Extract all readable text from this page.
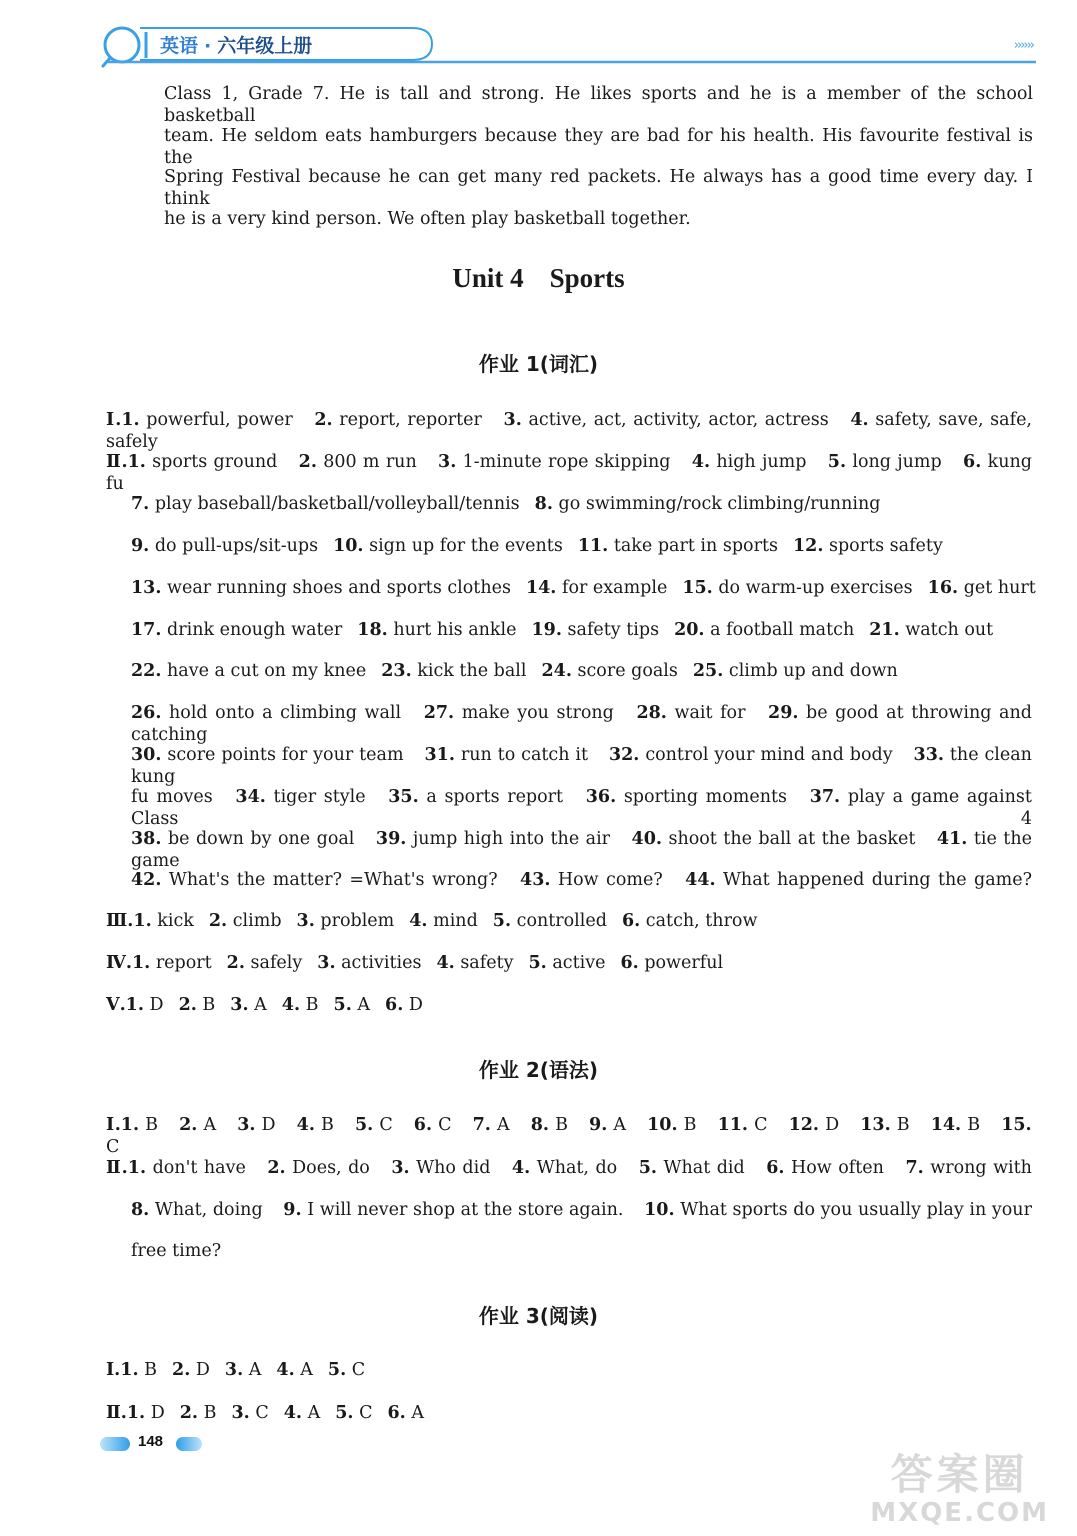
英语 · 六年级上册	››››››
Class 1, Grade 7. He is tall and strong. He likes sports and he is a member of the school basketball
team. He seldom eats hamburgers because they are bad for his health. His favourite festival is the
Spring Festival because he can get many red packets. He always has a good time every day. I think
he is a very kind person. We often play basketball together.
Unit 4 Sports
作业 1(词汇)
Ⅰ.1. powerful, power 2. report, reporter 3. active, act, activity, actor, actress 4. safety, save, safe, safely
Ⅱ.1. sports ground 2. 800 m run 3. 1-minute rope skipping 4. high jump 5. long jump 6. kung fu
7. play baseball/basketball/volleyball/tennis 8. go swimming/rock climbing/running
9. do pull-ups/sit-ups 10. sign up for the events 11. take part in sports 12. sports safety
13. wear running shoes and sports clothes 14. for example 15. do warm-up exercises 16. get hurt
17. drink enough water 18. hurt his ankle 19. safety tips 20. a football match 21. watch out
22. have a cut on my knee 23. kick the ball 24. score goals 25. climb up and down
26. hold onto a climbing wall 27. make you strong 28. wait for 29. be good at throwing and catching
30. score points for your team 31. run to catch it 32. control your mind and body 33. the clean kung
fu moves 34. tiger style 35. a sports report 36. sporting moments 37. play a game against Class 4
38. be down by one goal 39. jump high into the air 40. shoot the ball at the basket 41. tie the game
42. What's the matter? =What's wrong? 43. How come? 44. What happened during the game?
Ⅲ.1. kick 2. climb 3. problem 4. mind 5. controlled 6. catch, throw
Ⅳ.1. report 2. safely 3. activities 4. safety 5. active 6. powerful
Ⅴ.1. D 2. B 3. A 4. B 5. A 6. D
作业 2(语法)
Ⅰ.1. B 2. A 3. D 4. B 5. C 6. C 7. A 8. B 9. A 10. B 11. C 12. D 13. B 14. B 15. C
Ⅱ.1. don't have 2. Does, do 3. Who did 4. What, do 5. What did 6. How often 7. wrong with
8. What, doing 9. I will never shop at the store again. 10. What sports do you usually play in your
free time?
作业 3(阅读)
Ⅰ.1. B 2. D 3. A 4. A 5. C
Ⅱ.1. D 2. B 3. C 4. A 5. C 6. A
148
答案圈
MXQE.COM
